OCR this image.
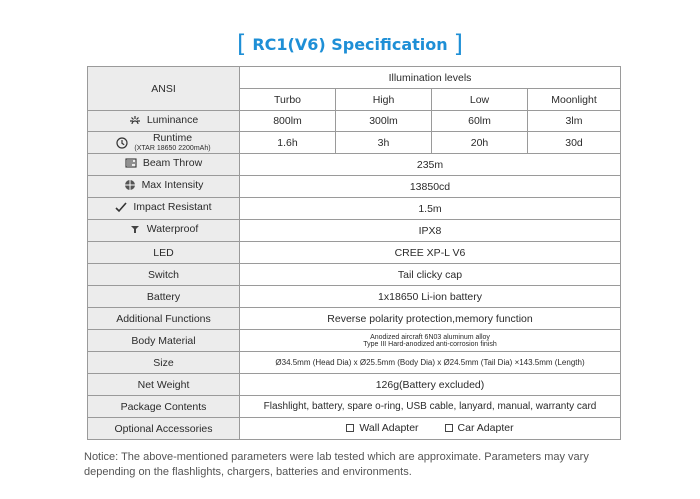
[ RC1(V6) Specification ]
ANSI	Illumination levels			
	Turbo	High	Low	Moonlight

Luminance	800lm	300lm	60lm	3lm

Runtime
(XTAR 18650 2200mAh)	1.6h	3h	20h	30d

Beam Throw	235m			

Max Intensity	13850cd			

Impact Resistant	1.5m			

Waterproof	IPX8			
LED	CREE XP-L V6			
Switch	Tail clicky cap			
Battery	1x18650 Li-ion battery			
Additional Functions	Reverse polarity protection,memory function			
Body Material	Anodized aircraft 6N03 aluminum alloy
Type III Hard-anodized anti-corrosion finish			

Size	Ø34.5mm (Head Dia) x Ø25.5mm (Body Dia) x Ø24.5mm (Tail Dia) ×143.5mm (Length)			
Net Weight	126g(Battery excluded)			
Package Contents	Flashlight, battery, spare o-ring, USB cable, lanyard, manual, warranty card			
Optional Accessories	Wall Adapter Car Adapter			
Notice: The above-mentioned parameters were lab tested which are approximate. Parameters may vary depending on the flashlights, chargers, batteries and environments.
